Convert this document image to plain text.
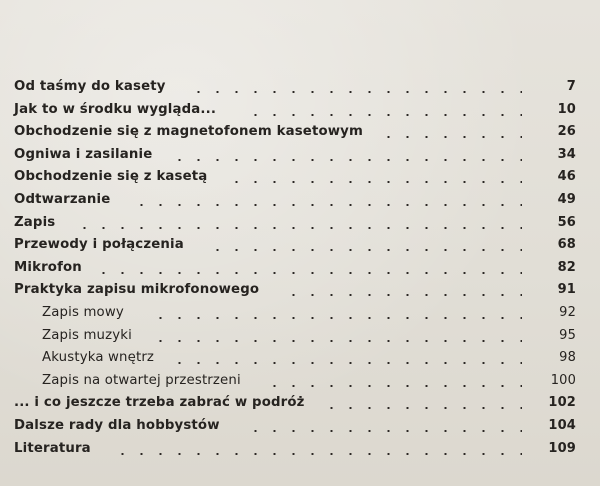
Od taśmy do kasety	7
Jak to w środku wygląda...	10
Obchodzenie się z magnetofonem kasetowym	26
Ogniwa i zasilanie	34
Obchodzenie się z kasetą	46
Odtwarzanie	49
Zapis	56
Przewody i połączenia	68
Mikrofon	82
Praktyka zapisu mikrofonowego	91
Zapis mowy	92
Zapis muzyki	95
Akustyka wnętrz	98
Zapis na otwartej przestrzeni	100
... i co jeszcze trzeba zabrać w podróż	102
Dalsze rady dla hobbystów	104
Literatura	109
